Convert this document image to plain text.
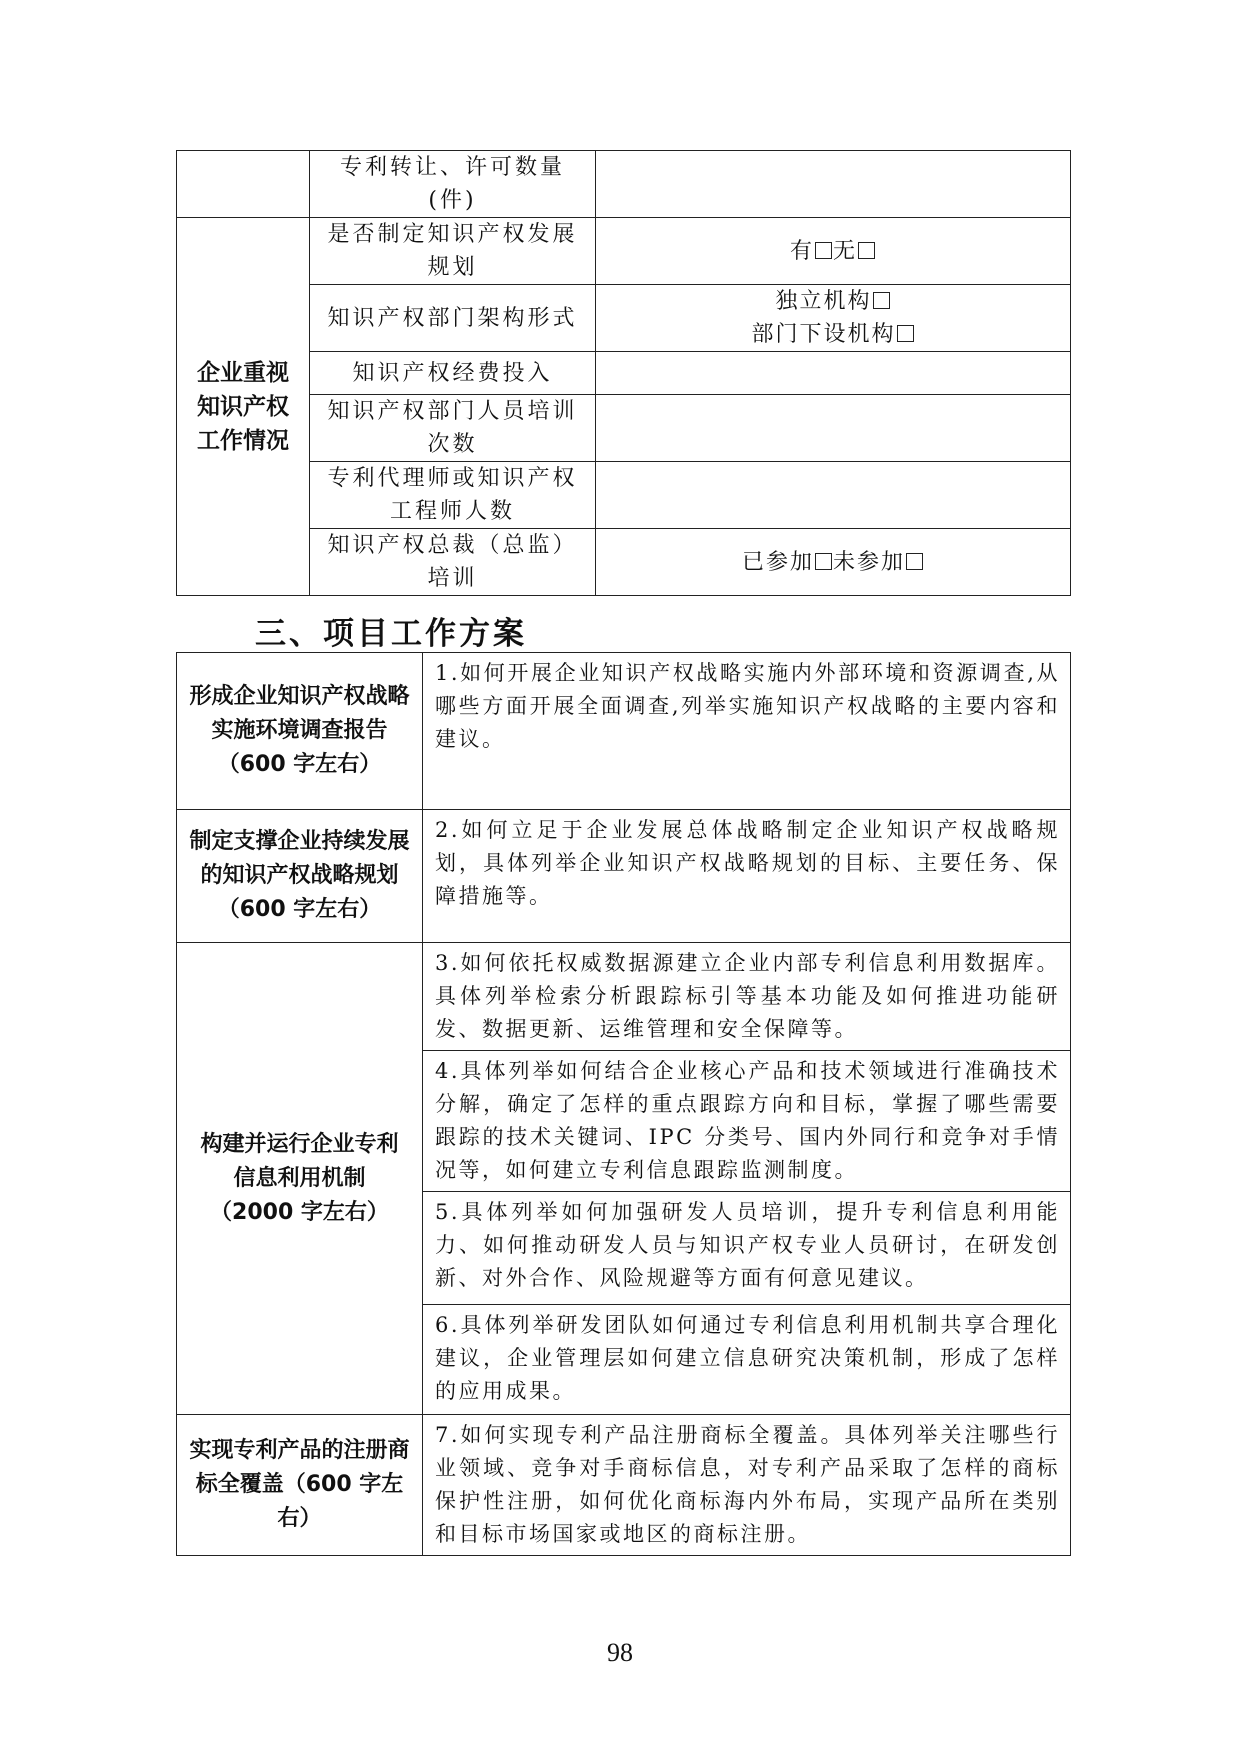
	专利转让、许可数量(件)	

企业重视知识产权工作情况	是否制定知识产权发展规划	有 无
	知识产权部门架构形式	独立机构
部门下设机构

	知识产权经费投入	
	知识产权部门人员培训次数	
	专利代理师或知识产权工程师人数	
	知识产权总裁（总监）培训	已参加 未参加
三、项目工作方案
形成企业知识产权战略实施环境调查报告（600 字左右）	1.如何开展企业知识产权战略实施内外部环境和资源调查,从哪些方面开展全面调查,列举实施知识产权战略的主要内容和建议。
制定支撑企业持续发展的知识产权战略规划（600 字左右）	2.如何立足于企业发展总体战略制定企业知识产权战略规划，具体列举企业知识产权战略规划的目标、主要任务、保障措施等。

构建并运行企业专利信息利用机制（2000 字左右）	3.如何依托权威数据源建立企业内部专利信息利用数据库。具体列举检索分析跟踪标引等基本功能及如何推进功能研发、数据更新、运维管理和安全保障等。
	4.具体列举如何结合企业核心产品和技术领域进行准确技术分解，确定了怎样的重点跟踪方向和目标，掌握了哪些需要跟踪的技术关键词、IPC 分类号、国内外同行和竞争对手情况等，如何建立专利信息跟踪监测制度。
	5.具体列举如何加强研发人员培训，提升专利信息利用能力、如何推动研发人员与知识产权专业人员研讨，在研发创新、对外合作、风险规避等方面有何意见建议。
	6.具体列举研发团队如何通过专利信息利用机制共享合理化建议，企业管理层如何建立信息研究决策机制，形成了怎样的应用成果。

实现专利产品的注册商标全覆盖（600 字左右）	7.如何实现专利产品注册商标全覆盖。具体列举关注哪些行业领域、竞争对手商标信息，对专利产品采取了怎样的商标保护性注册，如何优化商标海内外布局，实现产品所在类别和目标市场国家或地区的商标注册。
98
